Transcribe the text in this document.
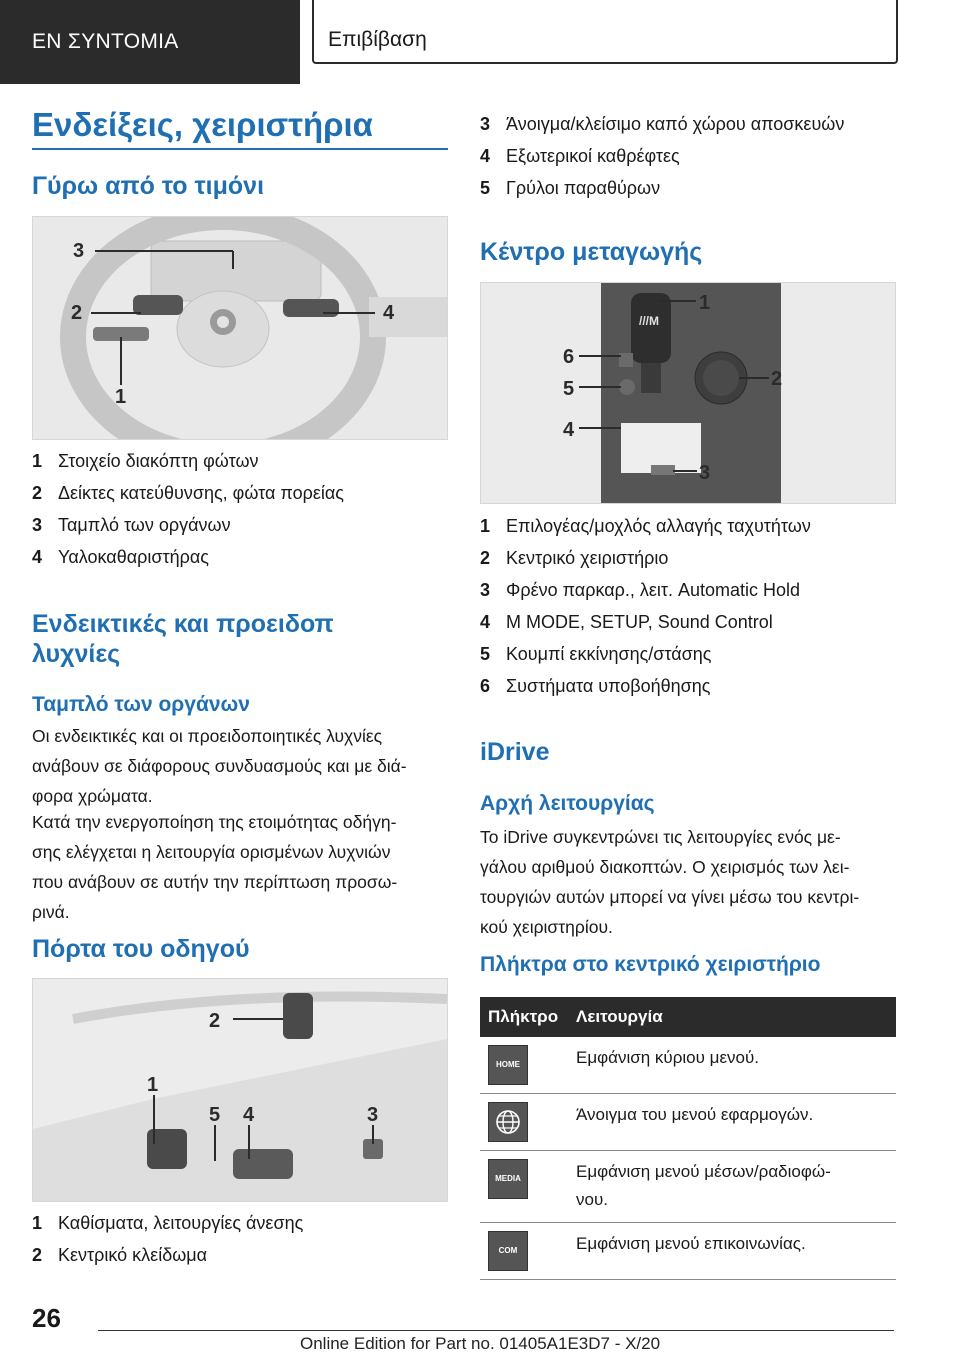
ΕΝ ΣΥΝΤΟΜΙΑ	Επιβίβαση
Ενδείξεις, χειριστήρια
Γύρω από το τιμόνι
3
2	4
1
1 Στοιχείο διακόπτη φώτων
2 Δείκτες κατεύθυνσης, φώτα πορείας
3 Ταμπλό των οργάνων
4 Υαλοκαθαριστήρας
Ενδεικτικές και προειδοπ
λυχνίες
Ταμπλό των οργάνων
Οι ενδεικτικές και οι προειδοποιητικές λυχνίες
ανάβουν σε διάφορους συνδυασμούς και με διά-
φορα χρώματα.
Κατά την ενεργοποίηση της ετοιμότητας οδήγη-
σης ελέγχεται η λειτουργία ορισμένων λυχνιών
που ανάβουν σε αυτήν την περίπτωση προσω-
ρινά.
Πόρτα του οδηγού
2
1
5 4	3
1 Καθίσματα, λειτουργίες άνεσης
2 Κεντρικό κλείδωμα
3 Άνοιγμα/κλείσιμο καπό χώρου αποσκευών
4 Εξωτερικοί καθρέφτες
5 Γρύλοι παραθύρων
Κέντρο μεταγωγής
///M
1
6
2
5
4
3
1 Επιλογέας/μοχλός αλλαγής ταχυτήτων
2 Κεντρικό χειριστήριο
3 Φρένο παρκαρ., λειτ. Automatic Hold
4 M MODE, SETUP, Sound Control
5 Κουμπί εκκίνησης/στάσης
6 Συστήματα υποβοήθησης
iDrive
Αρχή λειτουργίας
Το iDrive συγκεντρώνει τις λειτουργίες ενός με-
γάλου αριθμού διακοπτών. Ο χειρισμός των λει-
τουργιών αυτών μπορεί να γίνει μέσω του κεντρι-
κού χειριστηρίου.
Πλήκτρα στο κεντρικό χειριστήριο
Πλήκτρο	Λειτουργία

HOME	Εμφάνιση κύριου μενού.

Άνοιγμα του μενού εφαρμογών.

MEDIA	Εμφάνιση μενού μέσων/ραδιοφώ-
νου.

COM	Εμφάνιση μενού επικοινωνίας.
26
Online Edition for Part no. 01405A1E3D7 - X/20
